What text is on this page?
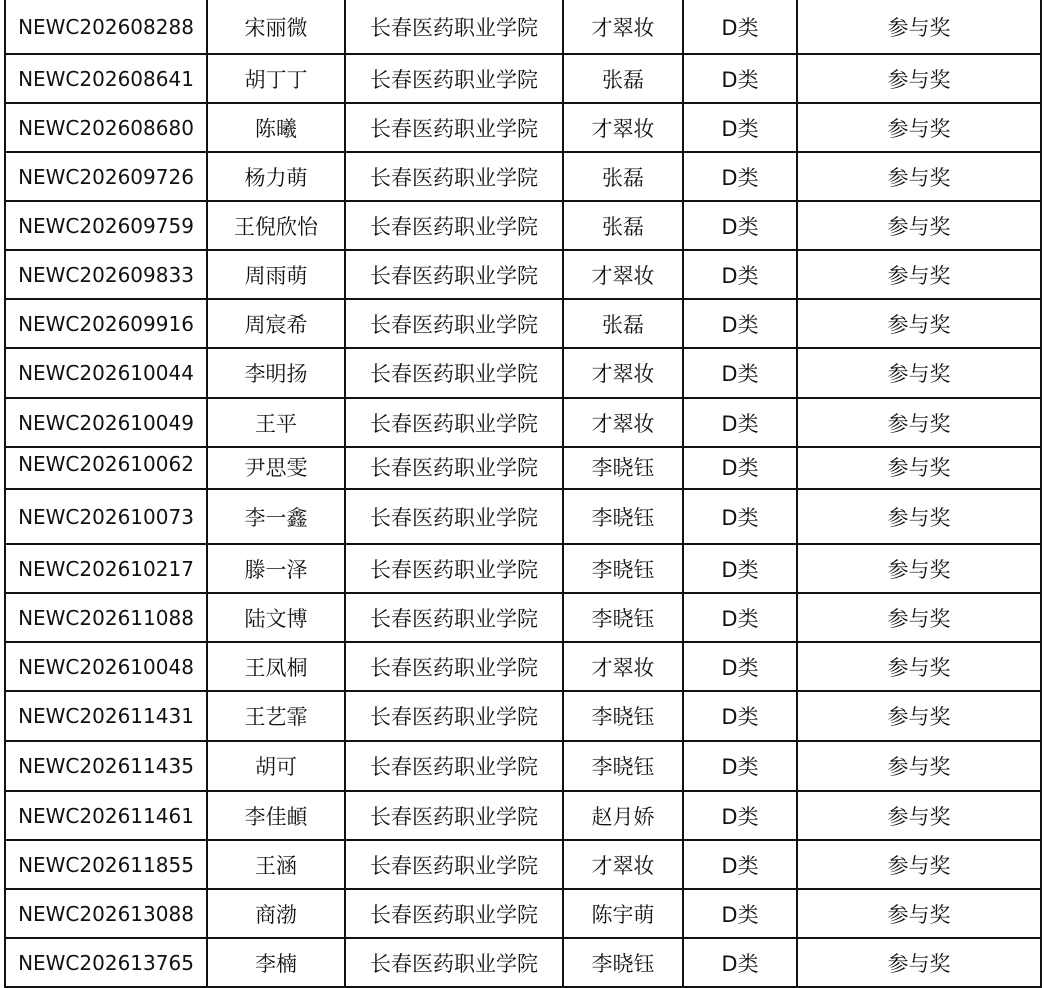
NEWC202608288	宋丽微	长春医药职业学院	才翠妆	D类	参与奖
NEWC202608641	胡丁丁	长春医药职业学院	张磊	D类	参与奖
NEWC202608680	陈曦	长春医药职业学院	才翠妆	D类	参与奖
NEWC202609726	杨力萌	长春医药职业学院	张磊	D类	参与奖
NEWC202609759	王倪欣怡	长春医药职业学院	张磊	D类	参与奖
NEWC202609833	周雨萌	长春医药职业学院	才翠妆	D类	参与奖
NEWC202609916	周宸希	长春医药职业学院	张磊	D类	参与奖
NEWC202610044	李明扬	长春医药职业学院	才翠妆	D类	参与奖
NEWC202610049	王平	长春医药职业学院	才翠妆	D类	参与奖
NEWC202610062	尹思雯	长春医药职业学院	李晓钰	D类	参与奖
NEWC202610073	李一鑫	长春医药职业学院	李晓钰	D类	参与奖
NEWC202610217	滕一泽	长春医药职业学院	李晓钰	D类	参与奖
NEWC202611088	陆文博	长春医药职业学院	李晓钰	D类	参与奖
NEWC202610048	王凤桐	长春医药职业学院	才翠妆	D类	参与奖
NEWC202611431	王艺霏	长春医药职业学院	李晓钰	D类	参与奖
NEWC202611435	胡可	长春医药职业学院	李晓钰	D类	参与奖
NEWC202611461	李佳頔	长春医药职业学院	赵月娇	D类	参与奖
NEWC202611855	王涵	长春医药职业学院	才翠妆	D类	参与奖
NEWC202613088	商渤	长春医药职业学院	陈宇萌	D类	参与奖
NEWC202613765	李楠	长春医药职业学院	李晓钰	D类	参与奖
